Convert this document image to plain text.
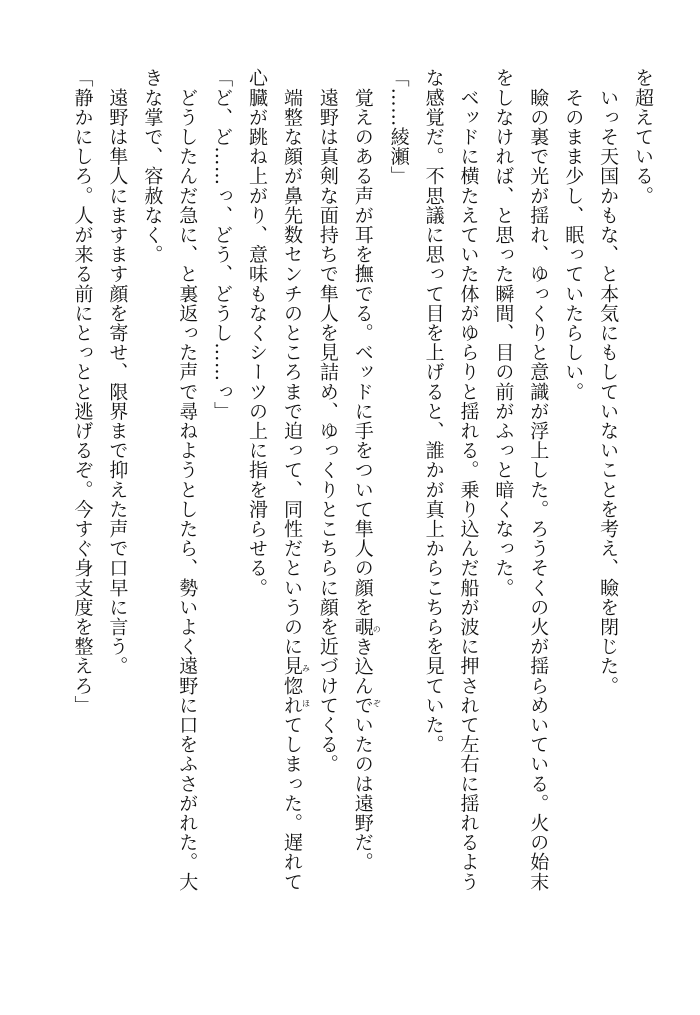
を超えている。
　いっそ天国かもな、と本気にもしていないことを考え、瞼を閉じた。
　そのまま少し、眠っていたらしい。
　瞼の裏で光が揺れ、ゆっくりと意識が浮上した。ろうそくの火が揺らめいている。火の始末
をしなければ、と思った瞬間、目の前がふっと暗くなった。
　ベッドに横たえていた体がゆらりと揺れる。乗り込んだ船が波に押されて左右に揺れるよう
な感覚だ。不思議に思って目を上げると、誰かが真上からこちらを見ていた。
「……綾瀬」
　覚えのある声が耳を撫でる。ベッドに手をついて隼人の顔を覗き込んでのぞいたのは遠野だ。
　遠野は真剣な面持ちで隼人を見詰め、ゆっくりとこちらに顔を近づけてくる。
　端整な顔が鼻先数センチのところまで迫って、同性だというのに見惚れみほてしまった。遅れて
心臓が跳ね上がり、意味もなくシーツの上に指を滑らせる。
「ど、ど……っ、どう、どうし……っ」
　どうしたんだ急に、と裏返った声で尋ねようとしたら、勢いよく遠野に口をふさがれた。大
きな掌で、容赦なく。
　遠野は隼人にますます顔を寄せ、限界まで抑えた声で口早に言う。
「静かにしろ。人が来る前にとっとと逃げるぞ。今すぐ身支度を整えろ」
